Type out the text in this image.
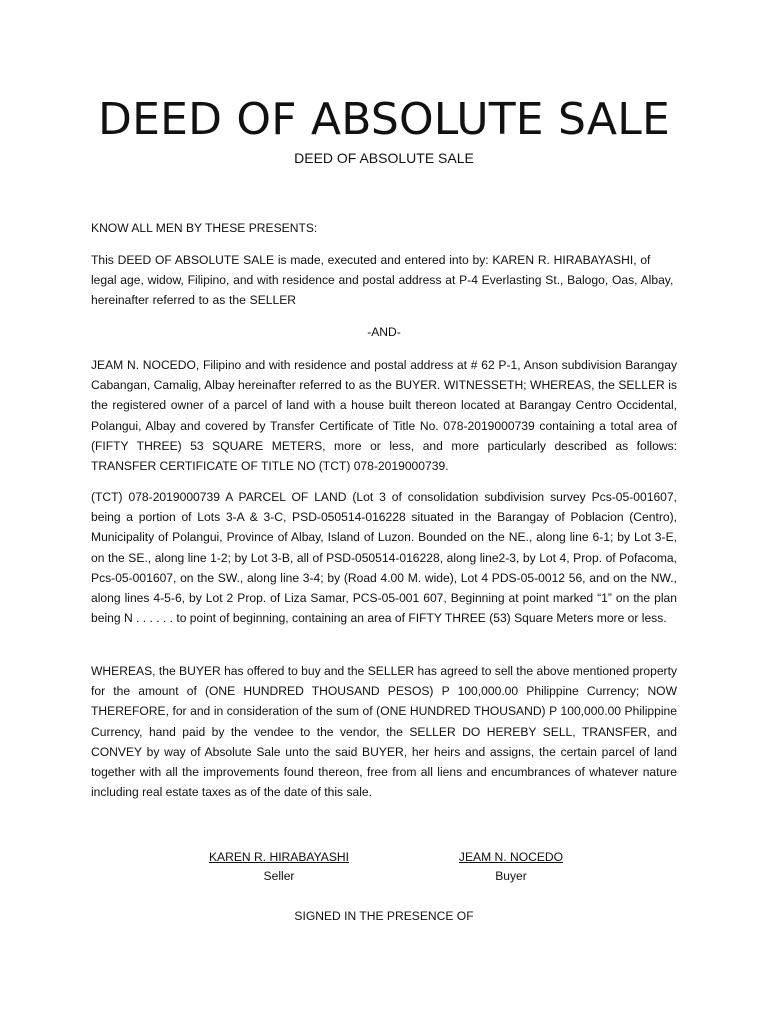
DEED OF ABSOLUTE SALE

DEED OF ABSOLUTE SALE

KNOW ALL MEN BY THESE PRESENTS:

This DEED OF ABSOLUTE SALE is made, executed and entered into by: KAREN R. HIRABAYASHI, of legal age, widow, Filipino, and with residence and postal address at P-4 Everlasting St., Balogo, Oas, Albay, hereinafter referred to as the SELLER

-AND-

JEAM N. NOCEDO, Filipino and with residence and postal address at # 62 P-1, Anson subdivision Barangay Cabangan, Camalig, Albay hereinafter referred to as the BUYER. WITNESSETH; WHEREAS, the SELLER is the registered owner of a parcel of land with a house built thereon located at Barangay Centro Occidental, Polangui, Albay and covered by Transfer Certificate of Title No. 078-2019000739 containing a total area of (FIFTY THREE) 53 SQUARE METERS, more or less, and more particularly described as follows: TRANSFER CERTIFICATE OF TITLE NO (TCT) 078-2019000739.

(TCT) 078-2019000739 A PARCEL OF LAND (Lot 3 of consolidation subdivision survey Pcs-05-001607, being a portion of Lots 3-A & 3-C, PSD-050514-016228 situated in the Barangay of Poblacion (Centro), Municipality of Polangui, Province of Albay, Island of Luzon. Bounded on the NE., along line 6-1; by Lot 3-E, on the SE., along line 1-2; by Lot 3-B, all of PSD-050514-016228, along line2-3, by Lot 4, Prop. of Pofacoma, Pcs-05-001607, on the SW., along line 3-4; by (Road 4.00 M. wide), Lot 4 PDS-05-0012 56, and on the NW., along lines 4-5-6, by Lot 2 Prop. of Liza Samar, PCS-05-001 607, Beginning at point marked “1” on the plan being N . . . . . . to point of beginning, containing an area of FIFTY THREE (53) Square Meters more or less.

WHEREAS, the BUYER has offered to buy and the SELLER has agreed to sell the above mentioned property for the amount of (ONE HUNDRED THOUSAND PESOS) P 100,000.00 Philippine Currency; NOW THEREFORE, for and in consideration of the sum of (ONE HUNDRED THOUSAND) P 100,000.00 Philippine Currency, hand paid by the vendee to the vendor, the SELLER DO HEREBY SELL, TRANSFER, and CONVEY by way of Absolute Sale unto the said BUYER, her heirs and assigns, the certain parcel of land together with all the improvements found thereon, free from all liens and encumbrances of whatever nature including real estate taxes as of the date of this sale.

KAREN R. HIRABAYASHI
Seller
JEAM N. NOCEDO
Buyer

SIGNED IN THE PRESENCE OF
